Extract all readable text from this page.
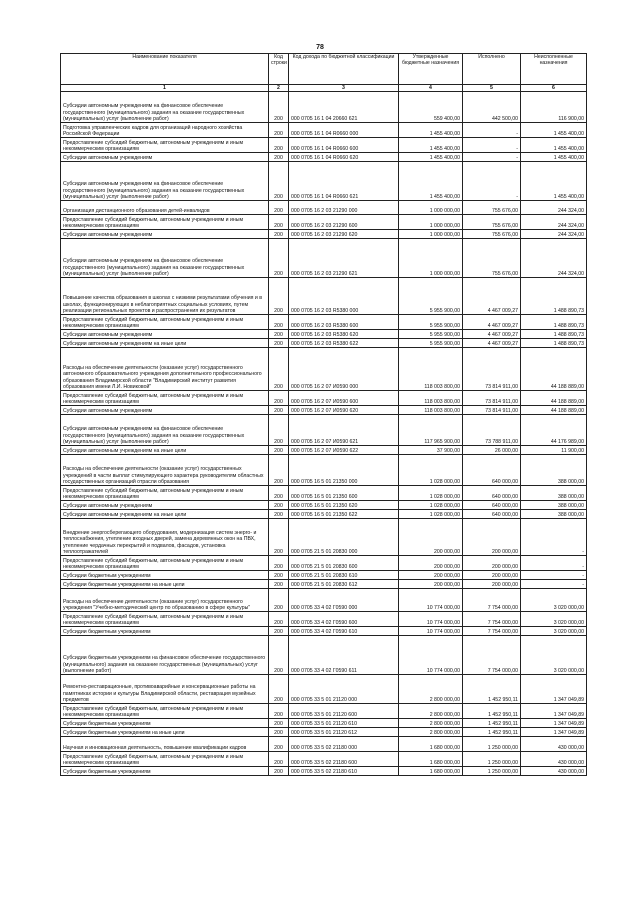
78
Наименование показателя	Код строки	Код дохода по бюджетной классификации	Утвержденные бюджетные назначения	Исполнено	Неисполненные назначения
1	2	3	4	5	6
Субсидии автономным учреждениям на финансовое обеспечение государственного (муниципального) задания на оказание государственных (муниципальных) услуг (выполнение работ)	200	000 0705 16 1 04 20660 621	559 400,00	442 500,00	116 900,00
Подготовка управленческих кадров для организаций народного хозяйства Российской Федерации	200	000 0705 16 1 04 R0660 000	1 455 400,00	-	1 455 400,00
Предоставление субсидий бюджетным, автономным учреждениям и иным некоммерческим организациям	200	000 0705 16 1 04 R0660 600	1 455 400,00	-	1 455 400,00
Субсидии автономным учреждениям	200	000 0705 16 1 04 R0660 620	1 455 400,00	-	1 455 400,00
Субсидии автономным учреждениям на финансовое обеспечение государственного (муниципального) задания на оказание государственных (муниципальных) услуг (выполнение работ)	200	000 0705 16 1 04 R0660 621	1 455 400,00	-	1 455 400,00
Организация дистанционного образования детей-инвалидов	200	000 0705 16 2 03 21290 000	1 000 000,00	755 676,00	244 324,00
Предоставление субсидий бюджетным, автономным учреждениям и иным некоммерческим организациям	200	000 0705 16 2 03 21290 600	1 000 000,00	755 676,00	244 324,00
Субсидии автономным учреждениям	200	000 0705 16 2 03 21290 620	1 000 000,00	755 676,00	244 324,00
Субсидии автономным учреждениям на финансовое обеспечение государственного (муниципального) задания на оказание государственных (муниципальных) услуг (выполнение работ)	200	000 0705 16 2 03 21290 621	1 000 000,00	755 676,00	244 324,00
Повышение качества образования в школах с низкими результатами обучения и в школах, функционирующих в неблагоприятных социальных условиях, путем реализации региональных проектов и распространения их результатов	200	000 0705 16 2 03 R5380 000	5 955 900,00	4 467 009,27	1 488 890,73
Предоставление субсидий бюджетным, автономным учреждениям и иным некоммерческим организациям	200	000 0705 16 2 03 R5380 600	5 955 900,00	4 467 009,27	1 488 890,73
Субсидии автономным учреждениям	200	000 0705 16 2 03 R5380 620	5 955 900,00	4 467 009,27	1 488 890,73
Субсидии автономным учреждениям на иные цели	200	000 0705 16 2 03 R5380 622	5 955 900,00	4 467 009,27	1 488 890,73
Расходы на обеспечение деятельности (оказание услуг) государственного автономного образовательного учреждения дополнительного профессионального образования Владимирской области "Владимирский институт развития образования имени Л.И. Новиковой"	200	000 0705 16 2 07 И0590 000	118 003 800,00	73 814 911,00	44 188 889,00
Предоставление субсидий бюджетным, автономным учреждениям и иным некоммерческим организациям	200	000 0705 16 2 07 И0590 600	118 003 800,00	73 814 911,00	44 188 889,00
Субсидии автономным учреждениям	200	000 0705 16 2 07 И0590 620	118 003 800,00	73 814 911,00	44 188 889,00
Субсидии автономным учреждениям на финансовое обеспечение государственного (муниципального) задания на оказание государственных (муниципальных) услуг (выполнение работ)	200	000 0705 16 2 07 И0590 621	117 965 900,00	73 788 911,00	44 176 989,00
Субсидии автономным учреждениям на иные цели	200	000 0705 16 2 07 И0590 622	37 900,00	26 000,00	11 900,00
Расходы на обеспечение деятельности (оказание услуг) государственных учреждений в части выплат стимулирующего характера руководителям областных государственных организаций отрасли образования	200	000 0705 16 5 01 21350 000	1 028 000,00	640 000,00	388 000,00
Предоставление субсидий бюджетным, автономным учреждениям и иным некоммерческим организациям	200	000 0705 16 5 01 21350 600	1 028 000,00	640 000,00	388 000,00
Субсидии автономным учреждениям	200	000 0705 16 5 01 21350 620	1 028 000,00	640 000,00	388 000,00
Субсидии автономным учреждениям на иные цели	200	000 0705 16 5 01 21350 622	1 028 000,00	640 000,00	388 000,00
Внедрение энергосберегающего оборудования, модернизация систем энерго- и теплоснабжения, утепление входных дверей, замена деревянных окон на ПВХ, утепление чердачных перекрытий и подвалов, фасадов, установка теплоотражателей	200	000 0705 21 5 01 20830 000	200 000,00	200 000,00	-
Предоставление субсидий бюджетным, автономным учреждениям и иным некоммерческим организациям	200	000 0705 21 5 01 20830 600	200 000,00	200 000,00	-
Субсидии бюджетным учреждениям	200	000 0705 21 5 01 20830 610	200 000,00	200 000,00	-
Субсидии бюджетным учреждениям на иные цели	200	000 0705 21 5 01 20830 612	200 000,00	200 000,00	-
Расходы на обеспечение деятельности (оказание услуг) государственного учреждения "Учебно-методический центр по образованию в сфере культуры"	200	000 0705 33 4 02 Г0590 000	10 774 000,00	7 754 000,00	3 020 000,00
Предоставление субсидий бюджетным, автономным учреждениям и иным некоммерческим организациям	200	000 0705 33 4 02 Г0590 600	10 774 000,00	7 754 000,00	3 020 000,00
Субсидии бюджетным учреждениям	200	000 0705 33 4 02 Г0590 610	10 774 000,00	7 754 000,00	3 020 000,00
Субсидии бюджетным учреждениям на финансовое обеспечение государственного (муниципального) задания на оказание государственных (муниципальных) услуг (выполнение работ)	200	000 0705 33 4 02 Г0590 611	10 774 000,00	7 754 000,00	3 020 000,00
Ремонтно-реставрационные, противоаварийные и консервационные работы на памятниках истории и культуры Владимирской области, реставрация музейных предметов	200	000 0705 33 5 01 21120 000	2 800 000,00	1 452 950,11	1 347 049,89
Предоставление субсидий бюджетным, автономным учреждениям и иным некоммерческим организациям	200	000 0705 33 5 01 21120 600	2 800 000,00	1 452 950,11	1 347 049,89
Субсидии бюджетным учреждениям	200	000 0705 33 5 01 21120 610	2 800 000,00	1 452 950,11	1 347 049,89
Субсидии бюджетным учреждениям на иные цели	200	000 0705 33 5 01 21120 612	2 800 000,00	1 452 950,11	1 347 049,89
Научная и инновационная деятельность, повышение квалификации кадров	200	000 0705 33 5 02 21180 000	1 680 000,00	1 250 000,00	430 000,00
Предоставление субсидий бюджетным, автономным учреждениям и иным некоммерческим организациям	200	000 0705 33 5 02 21180 600	1 680 000,00	1 250 000,00	430 000,00
Субсидии бюджетным учреждениям	200	000 0705 33 5 02 21180 610	1 680 000,00	1 250 000,00	430 000,00
